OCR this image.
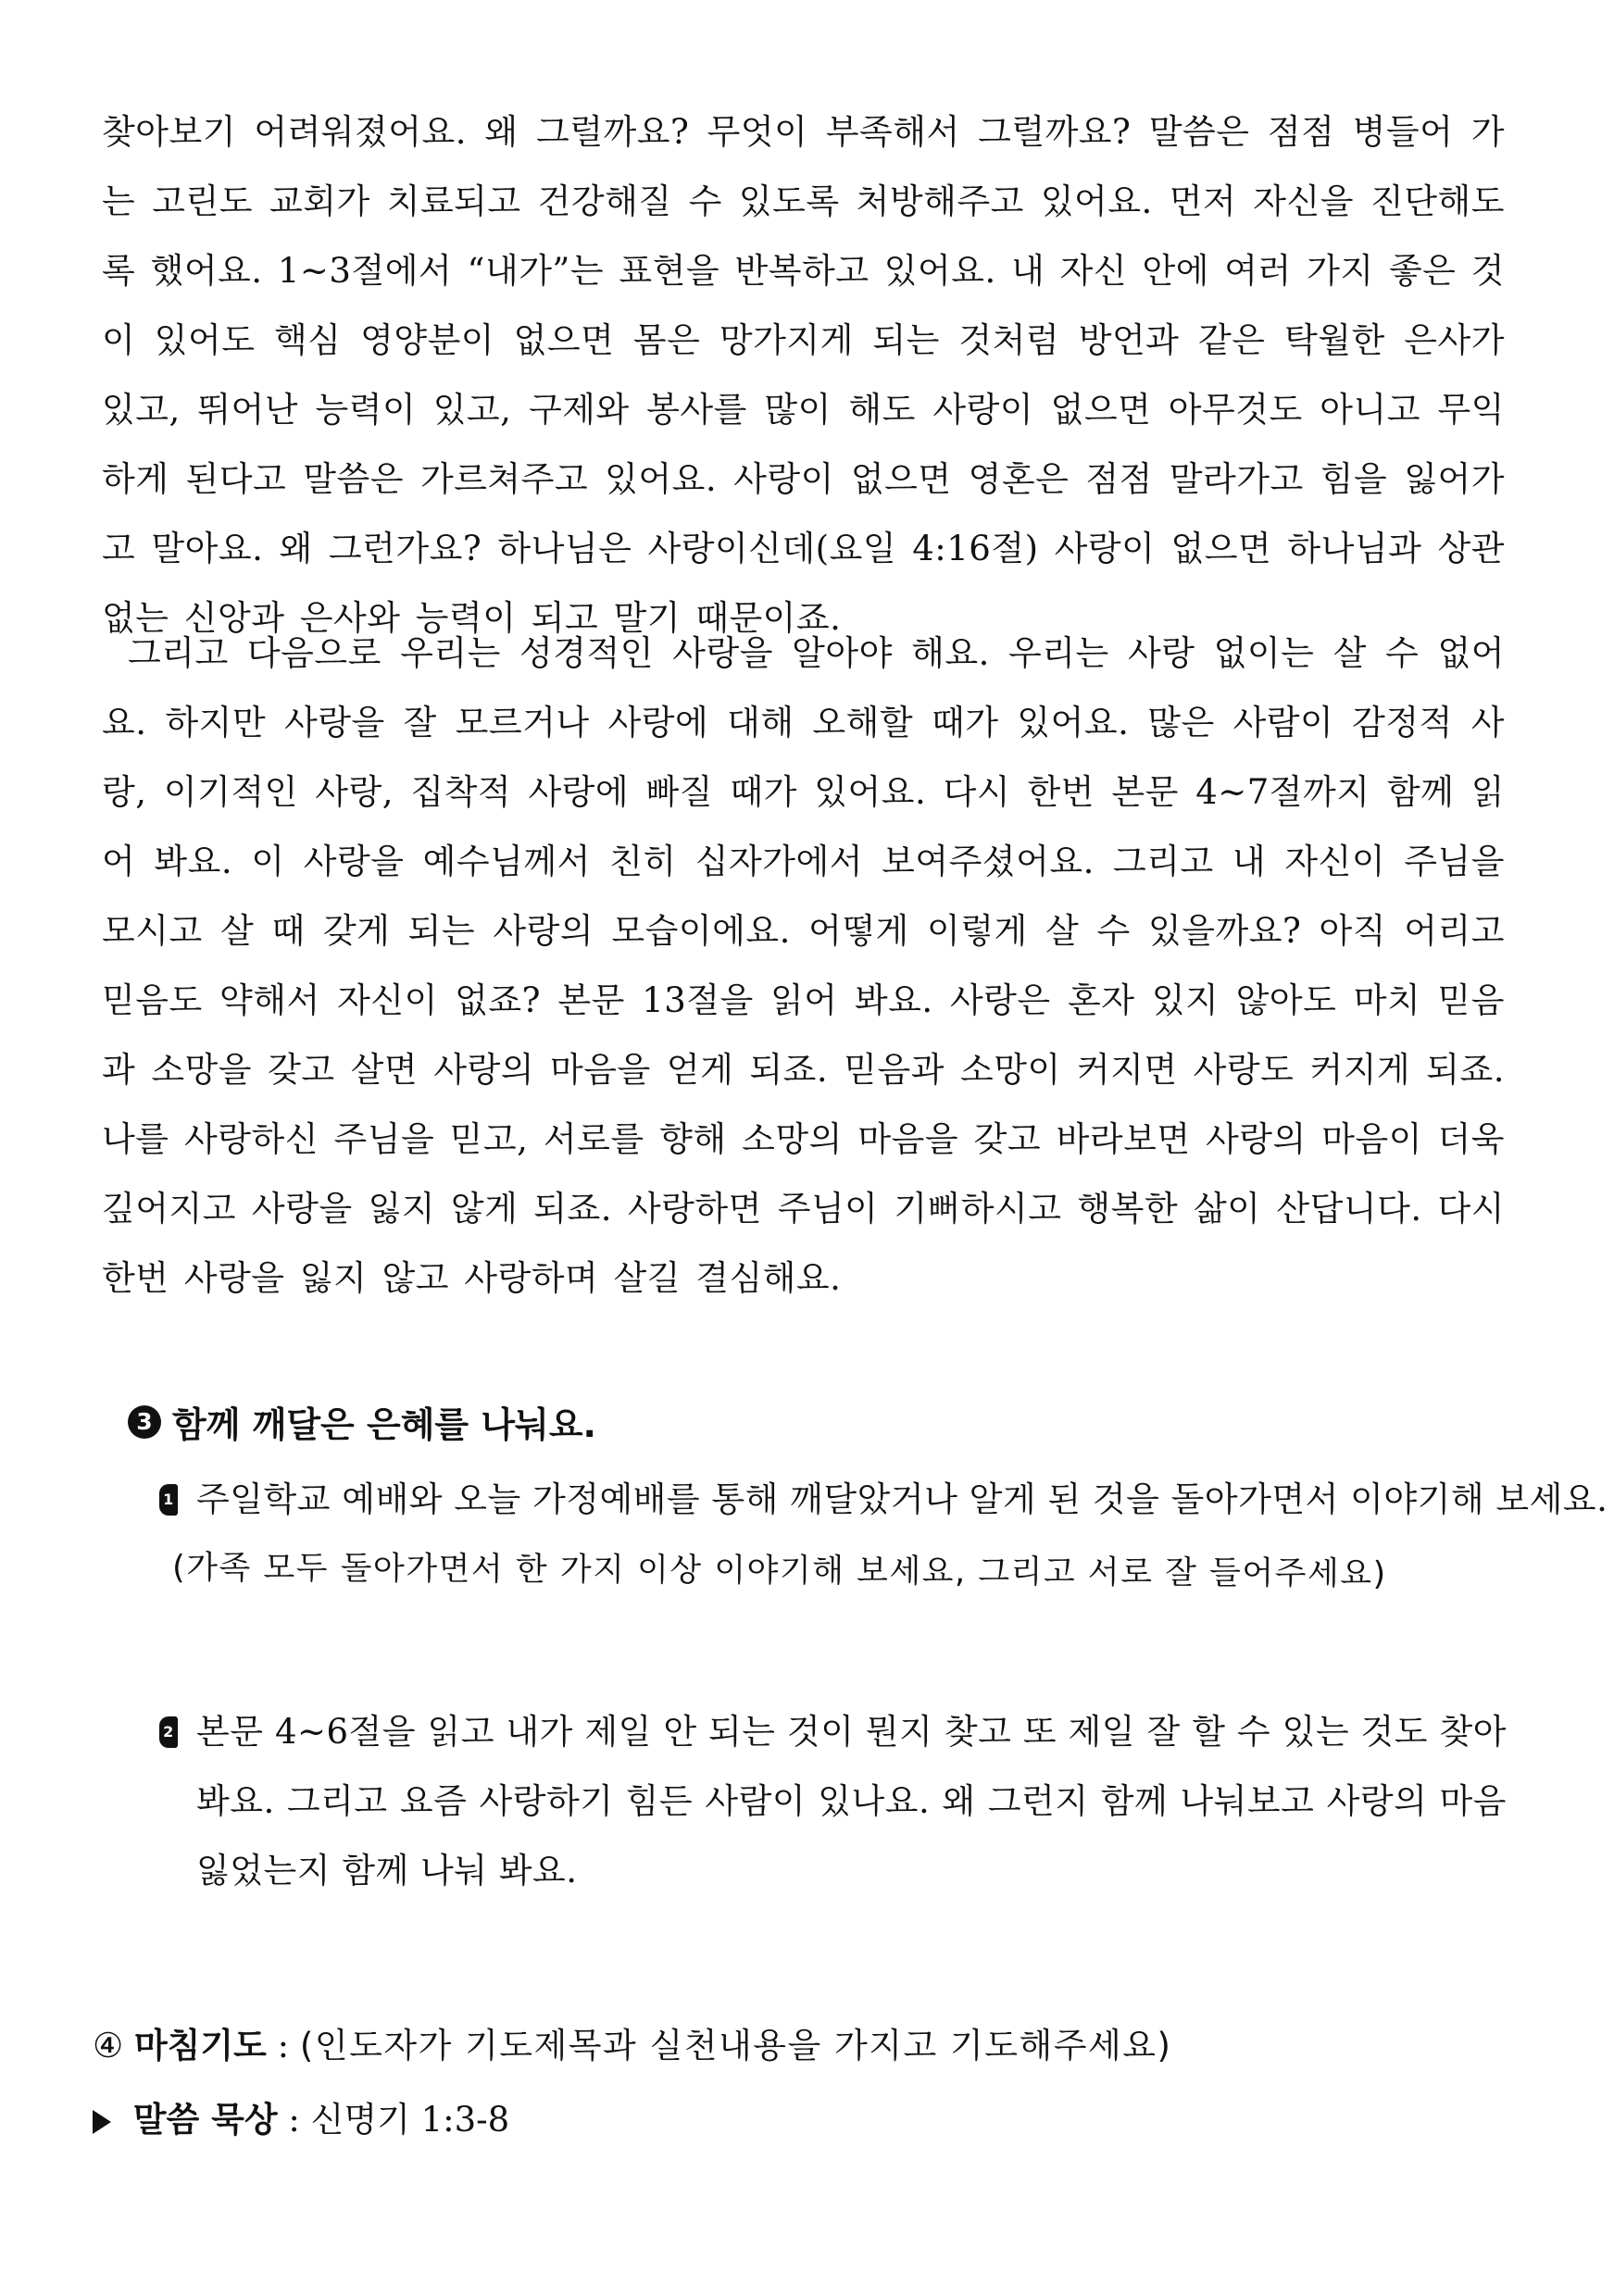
찾아보기 어려워졌어요. 왜 그럴까요? 무엇이 부족해서 그럴까요? 말씀은 점점 병들어 가는 고린도 교회가 치료되고 건강해질 수 있도록 처방해주고 있어요. 먼저 자신을 진단해도록 했어요. 1~3절에서 “내가”는 표현을 반복하고 있어요. 내 자신 안에 여러 가지 좋은 것이 있어도 핵심 영양분이 없으면 몸은 망가지게 되는 것처럼 방언과 같은 탁월한 은사가 있고, 뛰어난 능력이 있고, 구제와 봉사를 많이 해도 사랑이 없으면 아무것도 아니고 무익하게 된다고 말씀은 가르쳐주고 있어요. 사랑이 없으면 영혼은 점점 말라가고 힘을 잃어가고 말아요. 왜 그런가요? 하나님은 사랑이신데(요일 4:16절) 사랑이 없으면 하나님과 상관없는 신앙과 은사와 능력이 되고 말기 때문이죠.

그리고 다음으로 우리는 성경적인 사랑을 알아야 해요. 우리는 사랑 없이는 살 수 없어요. 하지만 사랑을 잘 모르거나 사랑에 대해 오해할 때가 있어요. 많은 사람이 감정적 사랑, 이기적인 사랑, 집착적 사랑에 빠질 때가 있어요. 다시 한번 본문 4~7절까지 함께 읽어 봐요. 이 사랑을 예수님께서 친히 십자가에서 보여주셨어요. 그리고 내 자신이 주님을 모시고 살 때 갖게 되는 사랑의 모습이에요. 어떻게 이렇게 살 수 있을까요? 아직 어리고 믿음도 약해서 자신이 없죠? 본문 13절을 읽어 봐요. 사랑은 혼자 있지 않아도 마치 믿음과 소망을 갖고 살면 사랑의 마음을 얻게 되죠. 믿음과 소망이 커지면 사랑도 커지게 되죠. 나를 사랑하신 주님을 믿고, 서로를 향해 소망의 마음을 갖고 바라보면 사랑의 마음이 더욱 깊어지고 사랑을 잃지 않게 되죠. 사랑하면 주님이 기뻐하시고 행복한 삶이 산답니다. 다시 한번 사랑을 잃지 않고 사랑하며 살길 결심해요.

3 함께 깨달은 은혜를 나눠요.
1 주일학교 예배와 오늘 가정예배를 통해 깨달았거나 알게 된 것을 돌아가면서 이야기해 보세요.
(가족 모두 돌아가면서 한 가지 이상 이야기해 보세요, 그리고 서로 잘 들어주세요)
2 본문 4~6절을 읽고 내가 제일 안 되는 것이 뭔지 찾고 또 제일 잘 할 수 있는 것도 찾아봐요. 그리고 요즘 사랑하기 힘든 사람이 있나요. 왜 그런지 함께 나눠보고 사랑의 마음 잃었는지 함께 나눠 봐요.
④ 마침기도 : (인도자가 기도제목과 실천내용을 가지고 기도해주세요)
말씀 묵상 : 신명기 1:3-8
